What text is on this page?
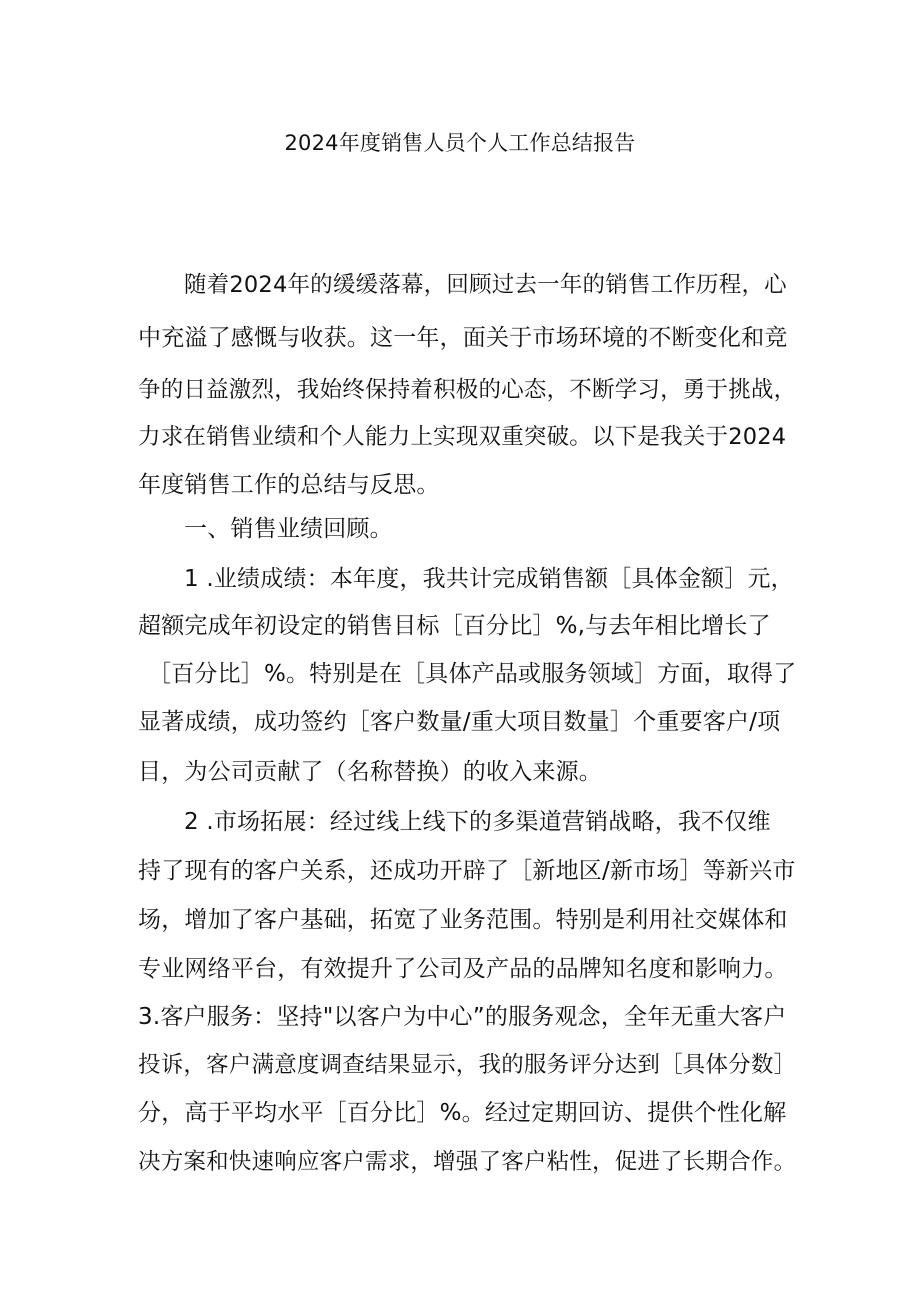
2024年度销售人员个人工作总结报告
随着2024年的缓缓落幕，回顾过去一年的销售工作历程，心
中充溢了感慨与收获。这一年，面关于市场环境的不断变化和竞
争的日益激烈，我始终保持着积极的心态，不断学习，勇于挑战，
力求在销售业绩和个人能力上实现双重突破。以下是我关于2024
年度销售工作的总结与反思。
一、销售业绩回顾。
1 .业绩成绩：本年度，我共计完成销售额［具体金额］元，
超额完成年初设定的销售目标［百分比］%,与去年相比增长了
［百分比］%。特别是在［具体产品或服务领域］方面，取得了
显著成绩，成功签约［客户数量/重大项目数量］个重要客户/项
目，为公司贡献了（名称替换）的收入来源。
2 .市场拓展：经过线上线下的多渠道营销战略，我不仅维
持了现有的客户关系，还成功开辟了［新地区/新市场］等新兴市
场，增加了客户基础，拓宽了业务范围。特别是利用社交媒体和
专业网络平台，有效提升了公司及产品的品牌知名度和影响力。
3.客户服务：坚持"以客户为中心”的服务观念，全年无重大客户
投诉，客户满意度调查结果显示，我的服务评分达到［具体分数］
分，高于平均水平［百分比］%。经过定期回访、提供个性化解
决方案和快速响应客户需求，增强了客户粘性，促进了长期合作。
